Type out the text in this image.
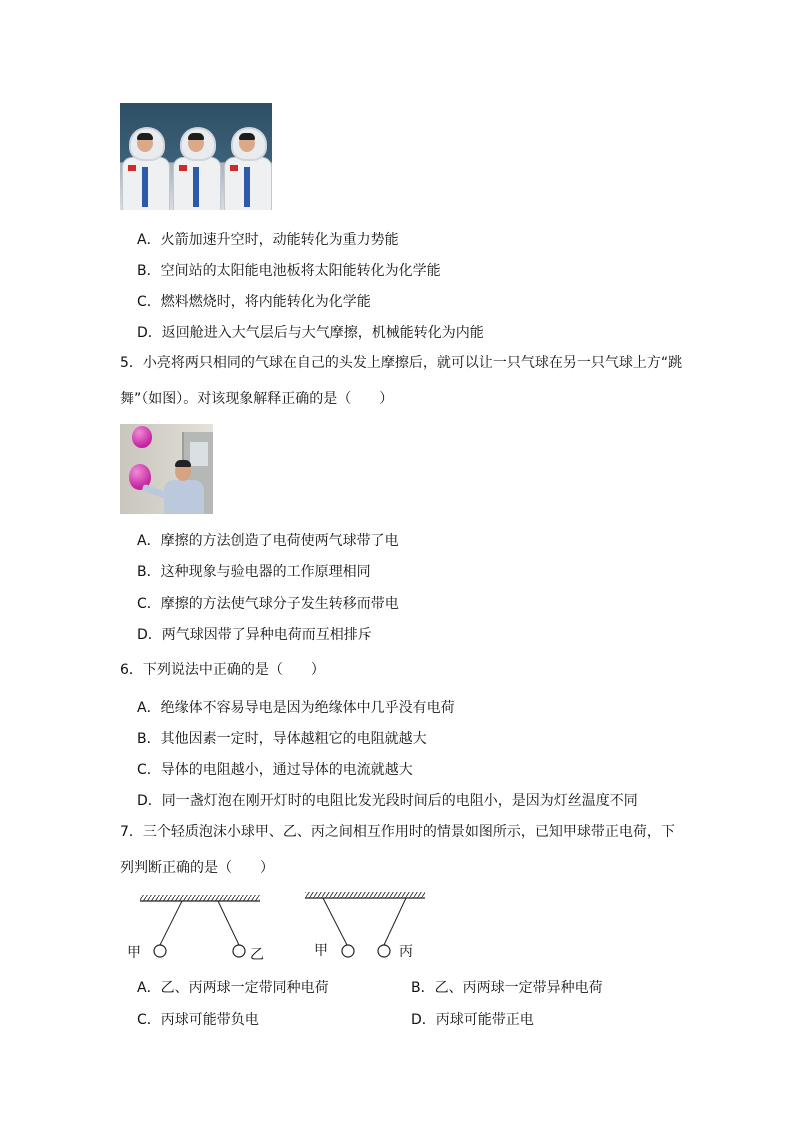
A．火箭加速升空时，动能转化为重力势能
B．空间站的太阳能电池板将太阳能转化为化学能
C．燃料燃烧时，将内能转化为化学能
D．返回舱进入大气层后与大气摩擦，机械能转化为内能
5．小亮将两只相同的气球在自己的头发上摩擦后，就可以让一只气球在另一只气球上方“跳
舞”（如图）。对该现象解释正确的是（　　）
A．摩擦的方法创造了电荷使两气球带了电
B．这种现象与验电器的工作原理相同
C．摩擦的方法使气球分子发生转移而带电
D．两气球因带了异种电荷而互相排斥
6．下列说法中正确的是（　　）
A．绝缘体不容易导电是因为绝缘体中几乎没有电荷
B．其他因素一定时，导体越粗它的电阻就越大
C．导体的电阻越小，通过导体的电流就越大
D．同一盏灯泡在刚开灯时的电阻比发光段时间后的电阻小，是因为灯丝温度不同
7．三个轻质泡沫小球甲、乙、丙之间相互作用时的情景如图所示，已知甲球带正电荷，下
列判断正确的是（　　）
甲	乙	甲	丙
A．乙、丙两球一定带同种电荷	B．乙、丙两球一定带异种电荷
C．丙球可能带负电	D．丙球可能带正电
